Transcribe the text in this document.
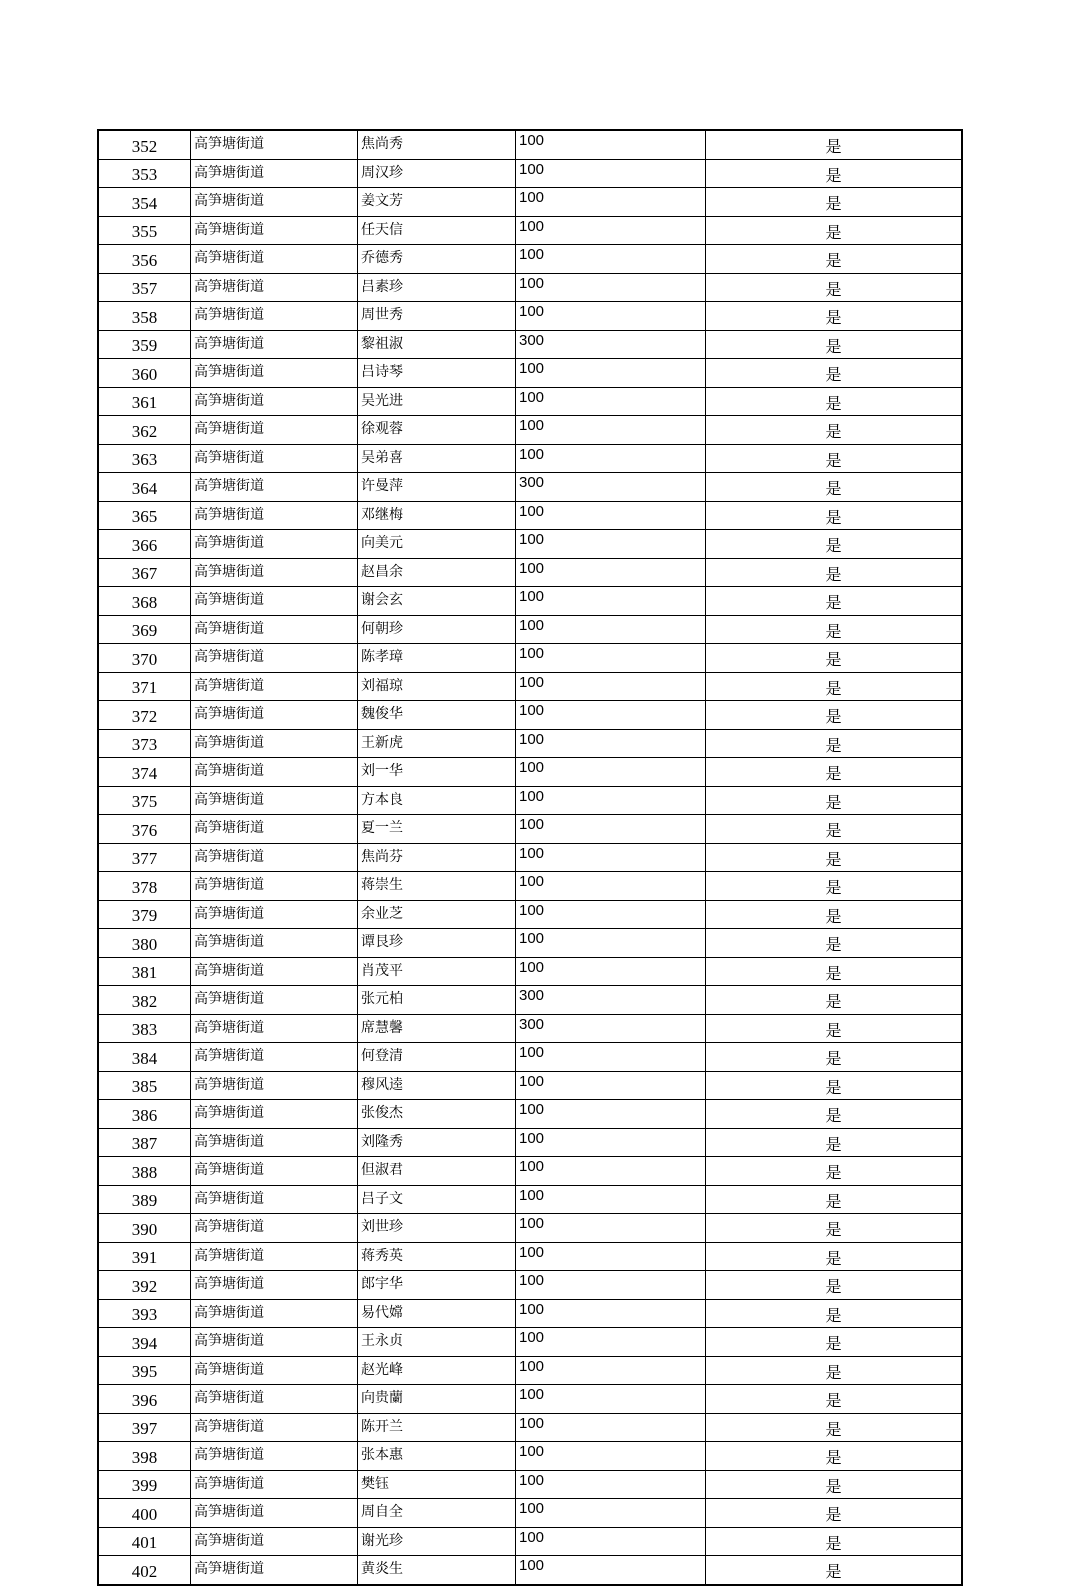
352	高笋塘街道	焦尚秀	100	是
353	高笋塘街道	周汉珍	100	是
354	高笋塘街道	姜文芳	100	是
355	高笋塘街道	任天信	100	是
356	高笋塘街道	乔德秀	100	是
357	高笋塘街道	吕素珍	100	是
358	高笋塘街道	周世秀	100	是
359	高笋塘街道	黎祖淑	300	是
360	高笋塘街道	吕诗琴	100	是
361	高笋塘街道	吴光进	100	是
362	高笋塘街道	徐观蓉	100	是
363	高笋塘街道	吴弟喜	100	是
364	高笋塘街道	许曼萍	300	是
365	高笋塘街道	邓继梅	100	是
366	高笋塘街道	向美元	100	是
367	高笋塘街道	赵昌余	100	是
368	高笋塘街道	谢会玄	100	是
369	高笋塘街道	何朝珍	100	是
370	高笋塘街道	陈孝璋	100	是
371	高笋塘街道	刘福琼	100	是
372	高笋塘街道	魏俊华	100	是
373	高笋塘街道	王新虎	100	是
374	高笋塘街道	刘一华	100	是
375	高笋塘街道	方本良	100	是
376	高笋塘街道	夏一兰	100	是
377	高笋塘街道	焦尚芬	100	是
378	高笋塘街道	蒋崇生	100	是
379	高笋塘街道	余业芝	100	是
380	高笋塘街道	谭艮珍	100	是
381	高笋塘街道	肖茂平	100	是
382	高笋塘街道	张元柏	300	是
383	高笋塘街道	席慧馨	300	是
384	高笋塘街道	何登清	100	是
385	高笋塘街道	穆风逵	100	是
386	高笋塘街道	张俊杰	100	是
387	高笋塘街道	刘隆秀	100	是
388	高笋塘街道	但淑君	100	是
389	高笋塘街道	吕子文	100	是
390	高笋塘街道	刘世珍	100	是
391	高笋塘街道	蒋秀英	100	是
392	高笋塘街道	郎宇华	100	是
393	高笋塘街道	易代嫦	100	是
394	高笋塘街道	王永贞	100	是
395	高笋塘街道	赵光峰	100	是
396	高笋塘街道	向贵蘭	100	是
397	高笋塘街道	陈开兰	100	是
398	高笋塘街道	张本惠	100	是
399	高笋塘街道	樊钰	100	是
400	高笋塘街道	周自全	100	是
401	高笋塘街道	谢光珍	100	是
402	高笋塘街道	黄炎生	100	是
